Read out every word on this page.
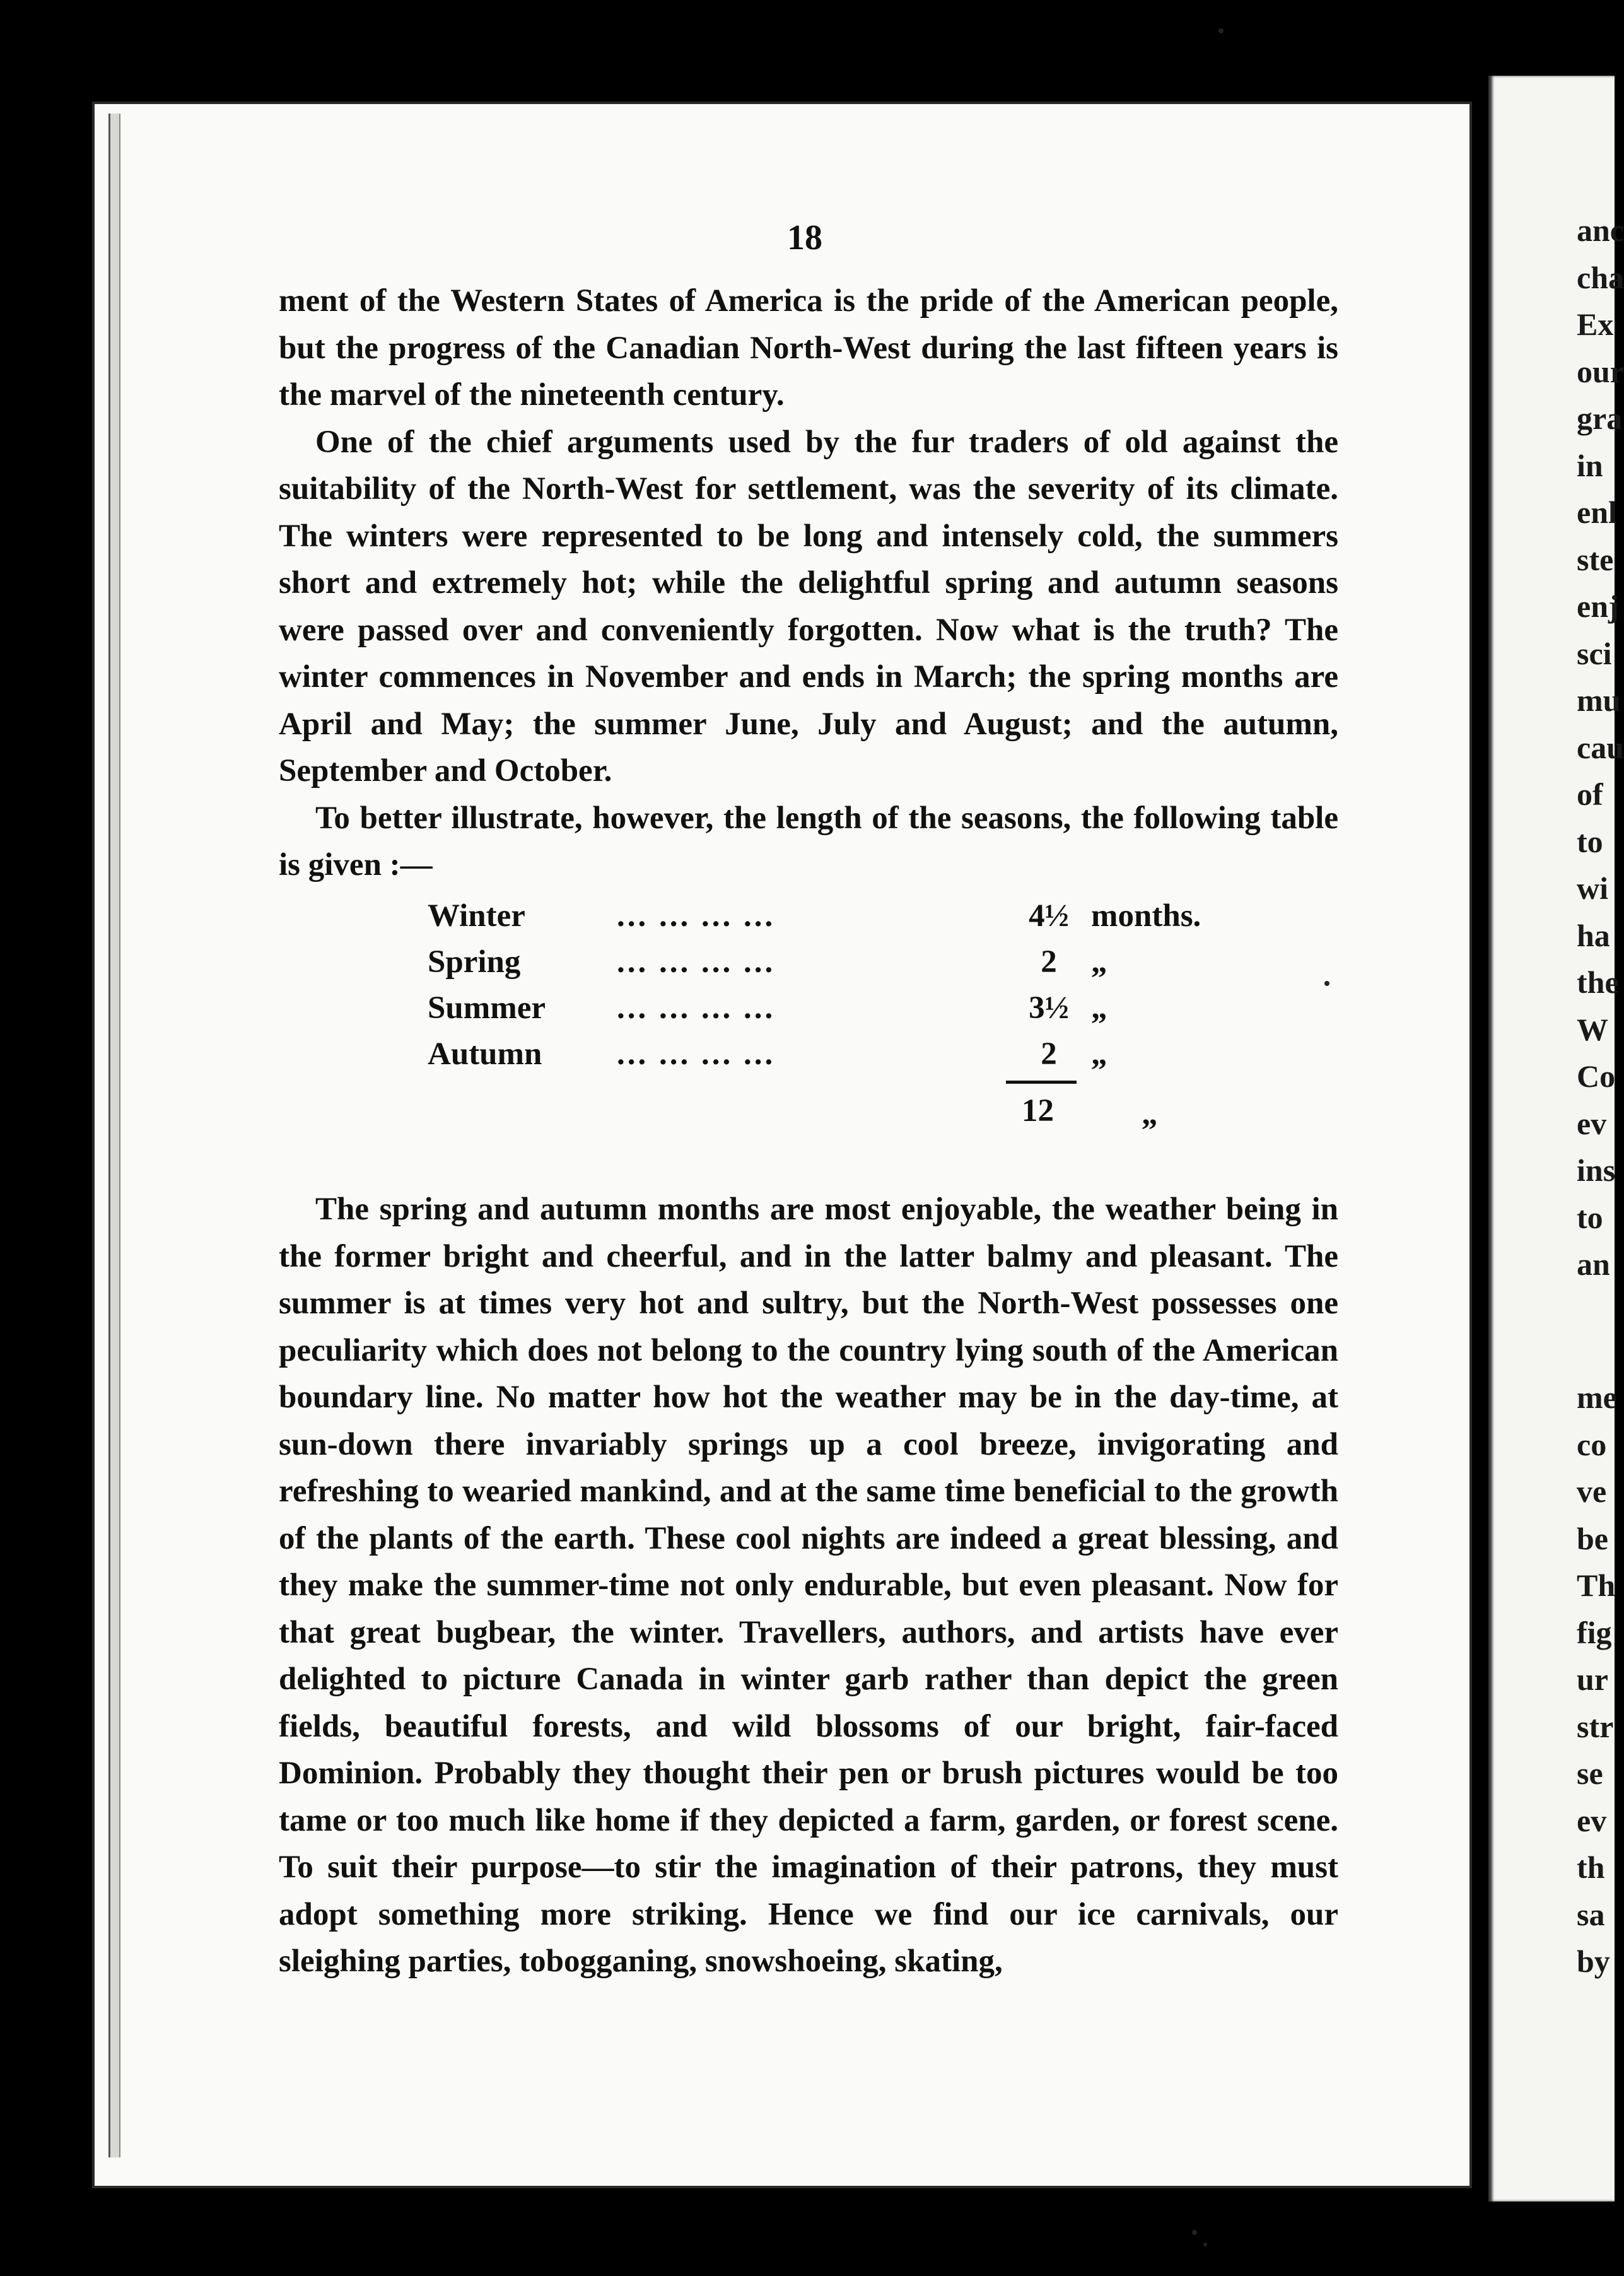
anc
cha
Ex
our
gra
in
enl
ste
enj
sci
mu
cau
of
to
wi
ha
the
W
Co
ev
ins
to
an
me
co
ve
be
Th
fig
ur
str
se
ev
th
sa
by
18

ment of the Western States of America is the pride of the American people, but the progress of the Canadian North-West during the last fifteen years is the marvel of the nineteenth century.

One of the chief arguments used by the fur traders of old against the suitability of the North-West for settlement, was the severity of its climate. The winters were represented to be long and intensely cold, the summers short and extremely hot; while the delightful spring and autumn seasons were passed over and conveniently forgotten. Now what is the truth? The winter commences in November and ends in March; the spring months are April and May; the summer June, July and August; and the autumn, September and October.

To better illustrate, however, the length of the seasons, the following table is given :—

Winter	... ... ... ...	4½	months.
Spring	... ... ... ...	2	„
Summer	... ... ... ...	3½	„
Autumn	... ... ... ...	2	„
12	„

The spring and autumn months are most enjoyable, the weather being in the former bright and cheerful, and in the latter balmy and pleasant. The summer is at times very hot and sultry, but the North-West possesses one peculiarity which does not belong to the country lying south of the American boundary line. No matter how hot the weather may be in the day-time, at sun-down there invariably springs up a cool breeze, invigorating and refreshing to wearied mankind, and at the same time beneficial to the growth of the plants of the earth. These cool nights are indeed a great blessing, and they make the summer-time not only endurable, but even pleasant. Now for that great bugbear, the winter. Travellers, authors, and artists have ever delighted to picture Canada in winter garb rather than depict the green fields, beautiful forests, and wild blossoms of our bright, fair-faced Dominion. Probably they thought their pen or brush pictures would be too tame or too much like home if they depicted a farm, garden, or forest scene. To suit their purpose—to stir the imagination of their patrons, they must adopt something more striking. Hence we find our ice carnivals, our sleighing parties, tobogganing, snowshoeing, skating,
